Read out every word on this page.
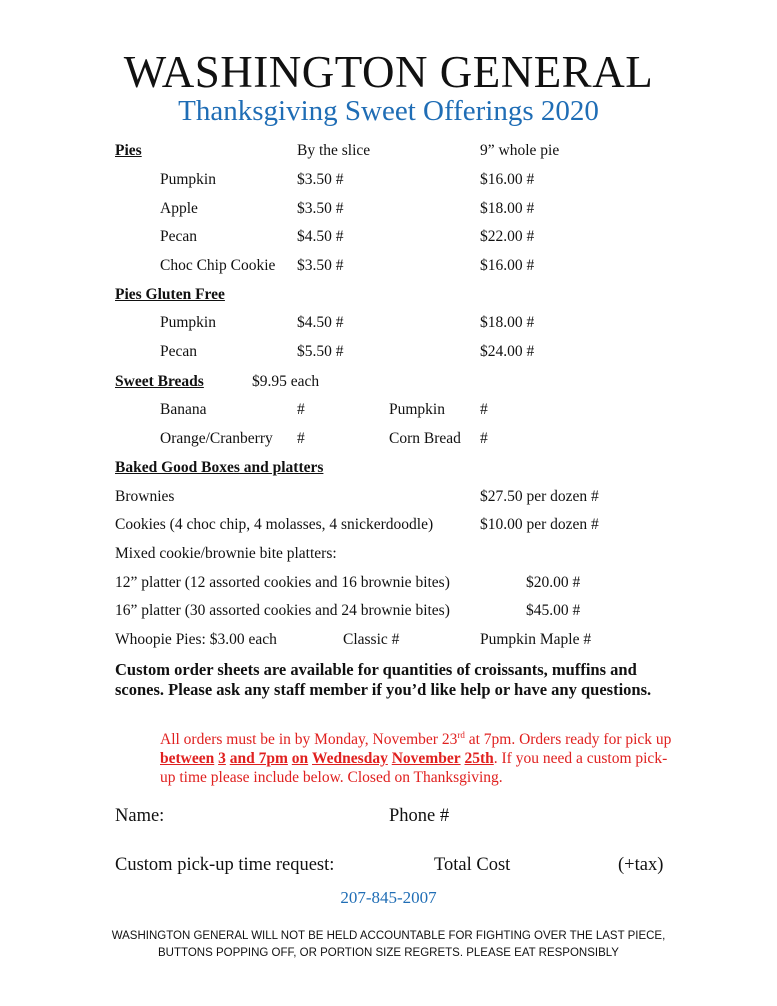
WASHINGTON GENERAL
Thanksgiving Sweet Offerings 2020
Pies	By the slice	9” whole pie
Pumpkin	$3.50 #	$16.00 #
Apple	$3.50 #	$18.00 #
Pecan	$4.50 #	$22.00 #
Choc Chip Cookie $3.50 #	$16.00 #
Pies Gluten Free
Pumpkin	$4.50 #	$18.00 #
Pecan	$5.50 #	$24.00 #
Sweet Breads	$9.95 each
Banana	#	Pumpkin #
Orange/Cranberry #	Corn Bread #
Baked Good Boxes and platters
Brownies	$27.50 per dozen #
Cookies (4 choc chip, 4 molasses, 4 snickerdoodle)	$10.00 per dozen #
Mixed cookie/brownie bite platters:
12” platter (12 assorted cookies and 16 brownie bites)	$20.00 #
16” platter (30 assorted cookies and 24 brownie bites)	$45.00 #
Whoopie Pies: $3.00 each	Classic #	Pumpkin Maple #
Custom order sheets are available for quantities of croissants, muffins and scones. Please ask any staff member if you’d like help or have any questions.
All orders must be in by Monday, November 23rd at 7pm. Orders ready for pick up between 3 and 7pm on Wednesday November 25th. If you need a custom pick-up time please include below. Closed on Thanksgiving.
Name:	Phone #
Custom pick-up time request:	Total Cost	(+tax)
207-845-2007
WASHINGTON GENERAL WILL NOT BE HELD ACCOUNTABLE FOR FIGHTING OVER THE LAST PIECE, BUTTONS POPPING OFF, OR PORTION SIZE REGRETS. PLEASE EAT RESPONSIBLY
